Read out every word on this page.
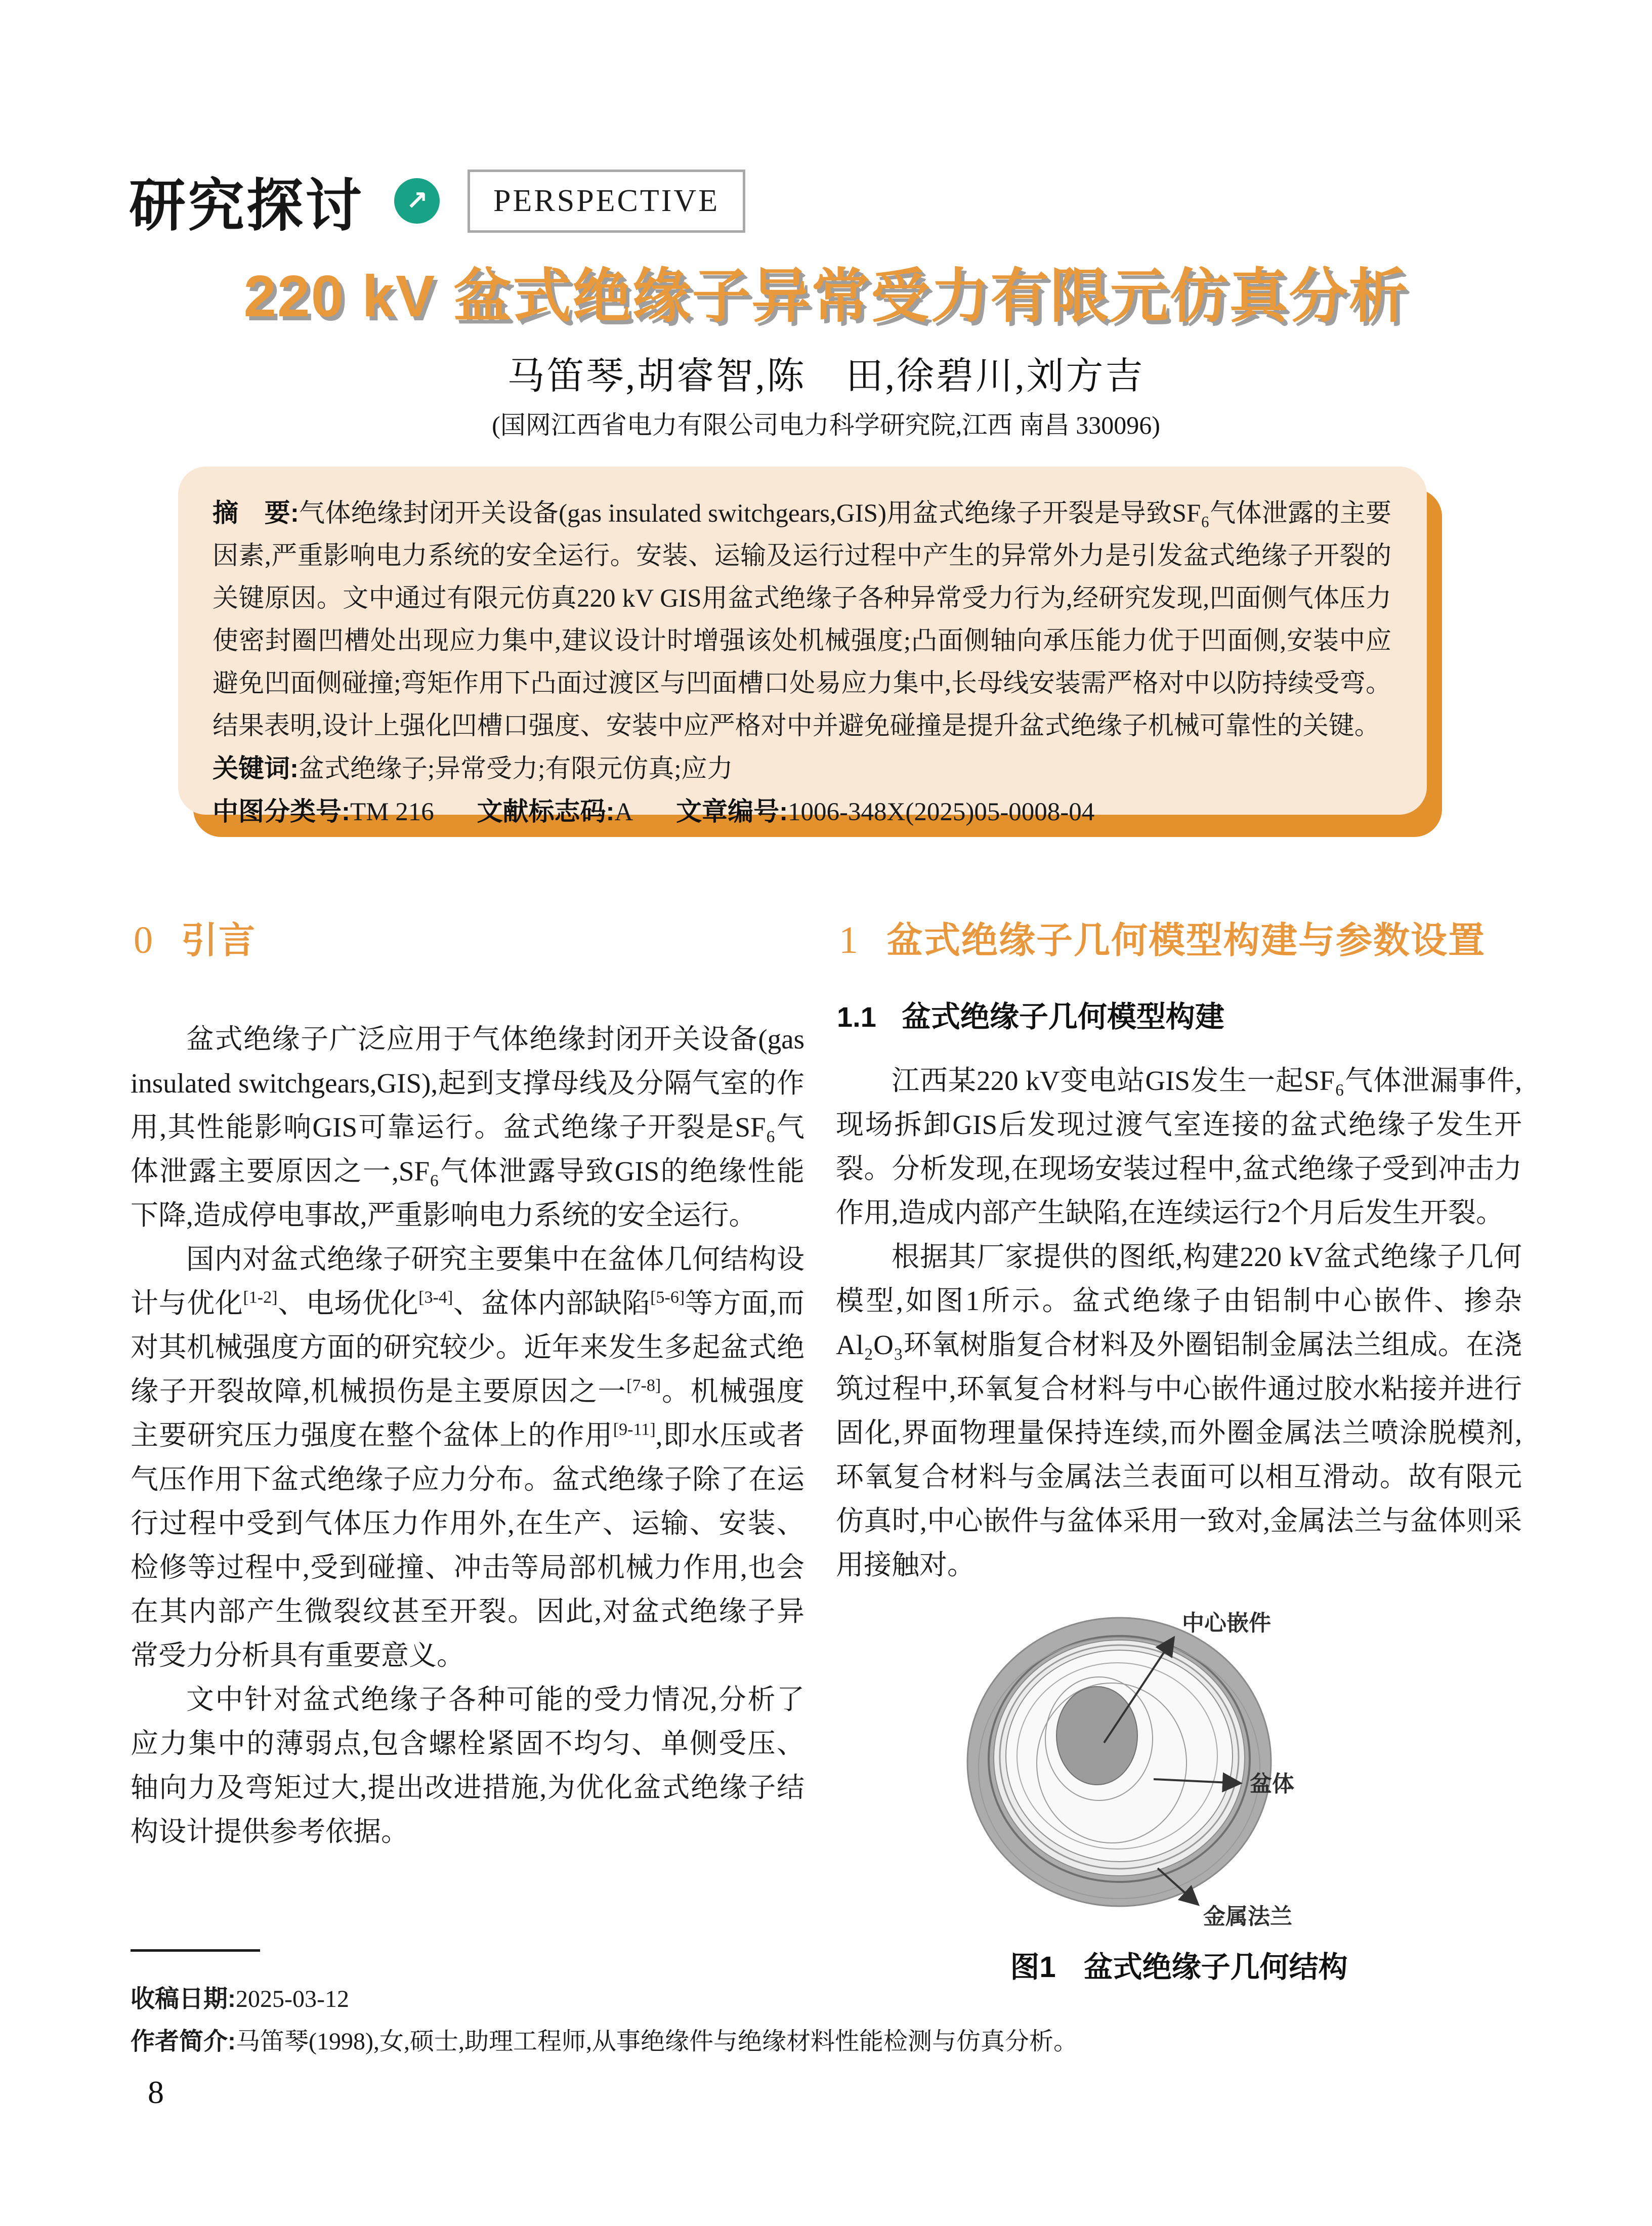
研究探讨	↗	PERSPECTIVE
220 kV 盆式绝缘子异常受力有限元仿真分析
马笛琴,胡睿智,陈　田,徐碧川,刘方吉
(国网江西省电力有限公司电力科学研究院,江西 南昌 330096)
摘　要:气体绝缘封闭开关设备(gas insulated switchgears,GIS)用盆式绝缘子开裂是导致SF₆气体泄露的主要因素,严重影响电力系统的安全运行。安装、运输及运行过程中产生的异常外力是引发盆式绝缘子开裂的关键原因。文中通过有限元仿真220 kV GIS用盆式绝缘子各种异常受力行为,经研究发现,凹面侧气体压力使密封圈凹槽处出现应力集中,建议设计时增强该处机械强度;凸面侧轴向承压能力优于凹面侧,安装中应避免凹面侧碰撞;弯矩作用下凸面过渡区与凹面槽口处易应力集中,长母线安装需严格对中以防持续受弯。结果表明,设计上强化凹槽口强度、安装中应严格对中并避免碰撞是提升盆式绝缘子机械可靠性的关键。
关键词:盆式绝缘子;异常受力;有限元仿真;应力
中图分类号:TM 216 文献标志码:A 文章编号:1006-348X(2025)05-0008-04
0 引言

盆式绝缘子广泛应用于气体绝缘封闭开关设备(gas insulated switchgears,GIS),起到支撑母线及分隔气室的作用,其性能影响GIS可靠运行。盆式绝缘子开裂是SF₆气体泄露主要原因之一,SF₆气体泄露导致GIS的绝缘性能下降,造成停电事故,严重影响电力系统的安全运行。

国内对盆式绝缘子研究主要集中在盆体几何结构设计与优化[1-2]、电场优化[3-4]、盆体内部缺陷[5-6]等方面,而对其机械强度方面的研究较少。近年来发生多起盆式绝缘子开裂故障,机械损伤是主要原因之一[7-8]。机械强度主要研究压力强度在整个盆体上的作用[9-11],即水压或者气压作用下盆式绝缘子应力分布。盆式绝缘子除了在运行过程中受到气体压力作用外,在生产、运输、安装、检修等过程中,受到碰撞、冲击等局部机械力作用,也会在其内部产生微裂纹甚至开裂。因此,对盆式绝缘子异常受力分析具有重要意义。

文中针对盆式绝缘子各种可能的受力情况,分析了应力集中的薄弱点,包含螺栓紧固不均匀、单侧受压、轴向力及弯矩过大,提出改进措施,为优化盆式绝缘子结构设计提供参考依据。

1 盆式绝缘子几何模型构建与参数设置
1.1 盆式绝缘子几何模型构建

江西某220 kV变电站GIS发生一起SF₆气体泄漏事件,现场拆卸GIS后发现过渡气室连接的盆式绝缘子发生开裂。分析发现,在现场安装过程中,盆式绝缘子受到冲击力作用,造成内部产生缺陷,在连续运行2个月后发生开裂。

根据其厂家提供的图纸,构建220 kV盆式绝缘子几何模型,如图1所示。盆式绝缘子由铝制中心嵌件、掺杂Al₂O₃环氧树脂复合材料及外圈铝制金属法兰组成。在浇筑过程中,环氧复合材料与中心嵌件通过胶水粘接并进行固化,界面物理量保持连续,而外圈金属法兰喷涂脱模剂,环氧复合材料与金属法兰表面可以相互滑动。故有限元仿真时,中心嵌件与盆体采用一致对,金属法兰与盆体则采用接触对。

中心嵌件
盆体
金属法兰
图1 盆式绝缘子几何结构
收稿日期:2025-03-12
作者简介:马笛琴(1998),女,硕士,助理工程师,从事绝缘件与绝缘材料性能检测与仿真分析。
8
